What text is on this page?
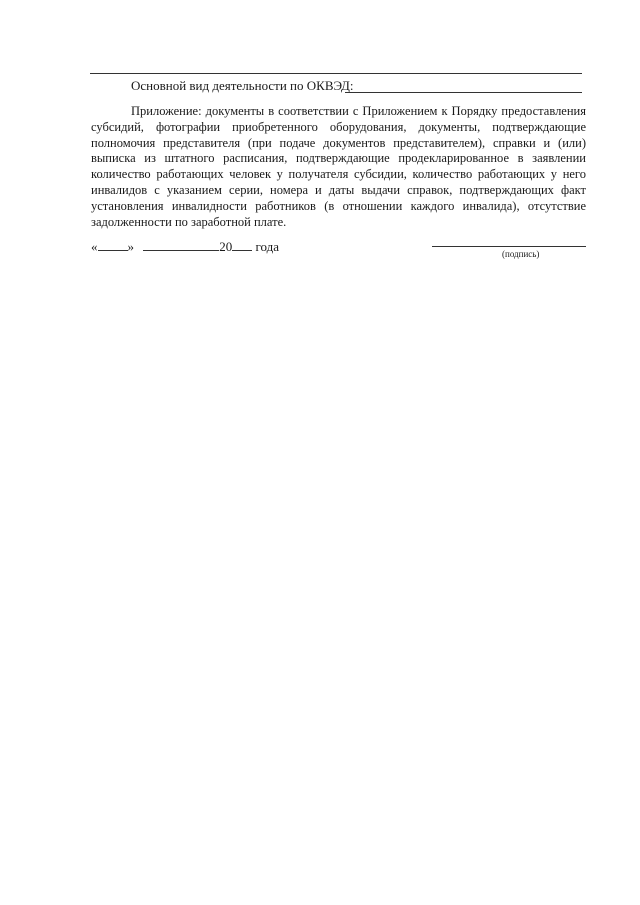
Основной вид деятельности по ОКВЭД:

Приложение: документы в соответствии с Приложением к Порядку предоставления субсидий, фотографии приобретенного оборудования, документы, подтверждающие полномочия представителя (при подаче документов представителем), справки и (или) выписка из штатного расписания, подтверждающие продекларированное в заявлении количество работающих человек у получателя субсидии, количество работающих у него инвалидов с указанием серии, номера и даты выдачи справок, подтверждающих факт установления инвалидности работников (в отношении каждого инвалида), отсутствие задолженности по заработной плате.

« »	20 года	(подпись)
